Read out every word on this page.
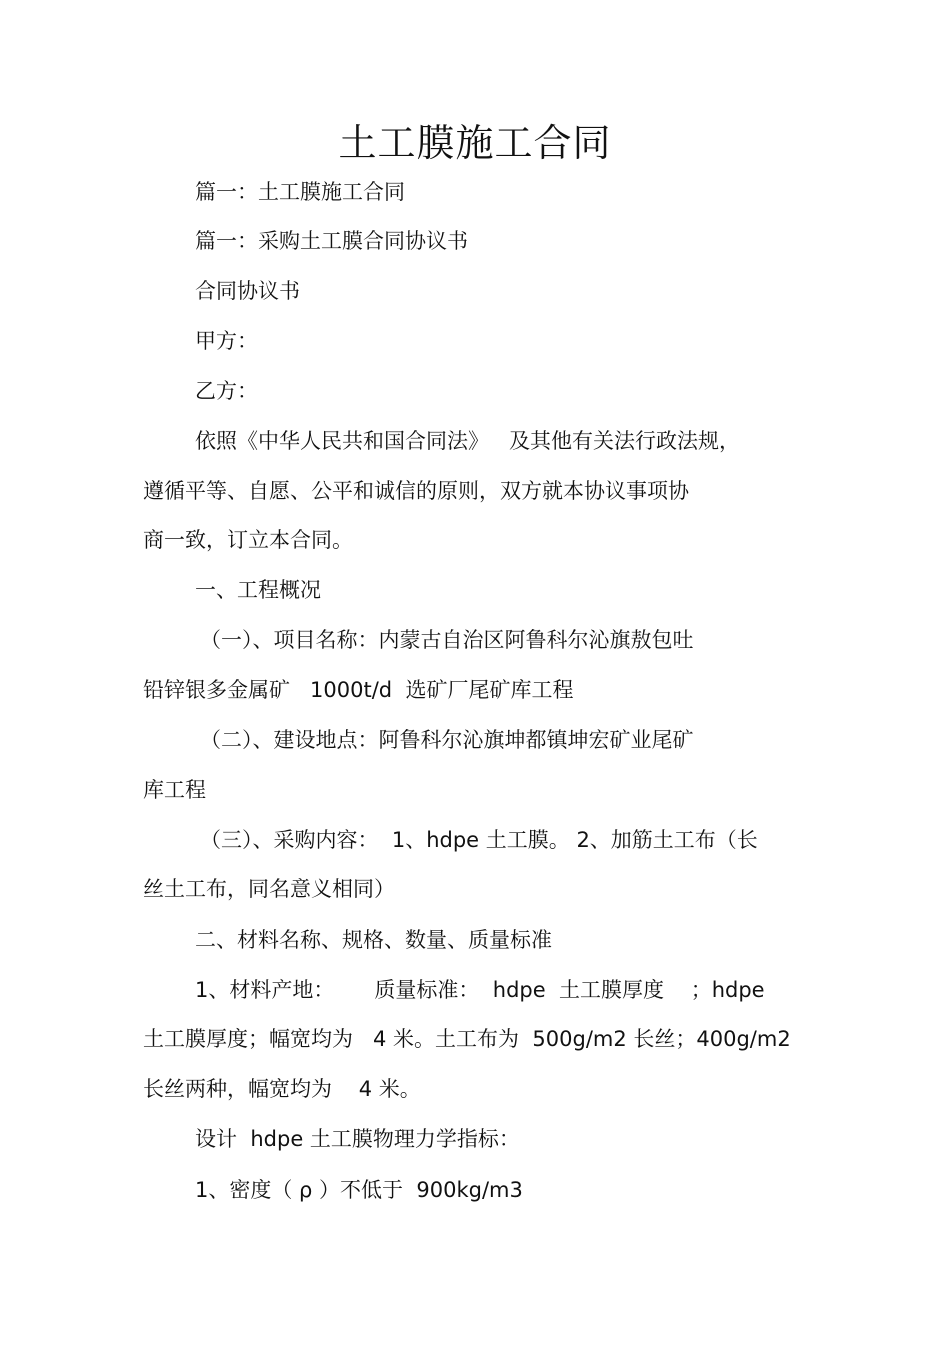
土工膜施工合同

篇一：土工膜施工合同

篇一：采购土工膜合同协议书

合同协议书

甲方：

乙方：

依照《中华人民共和国合同法》   及其他有关法行政法规，

遵循平等、自愿、公平和诚信的原则，双方就本协议事项协

商一致，订立本合同。

一、工程概况

（一）、项目名称：内蒙古自治区阿鲁科尔沁旗敖包吐

铅锌银多金属矿   1000t/d  选矿厂尾矿库工程

（二）、建设地点：阿鲁科尔沁旗坤都镇坤宏矿业尾矿

库工程

（三）、采购内容：  1、hdpe 土工膜。 2、加筋土工布（长

丝土工布，同名意义相同）

二、材料名称、规格、数量、质量标准

1、材料产地：      质量标准：  hdpe  土工膜厚度    ；hdpe

土工膜厚度；幅宽均为   4 米。土工布为  500g/m2 长丝；400g/m2

长丝两种，幅宽均为    4 米。

设计  hdpe 土工膜物理力学指标：

1、密度（ ρ ）不低于  900kg/m3
